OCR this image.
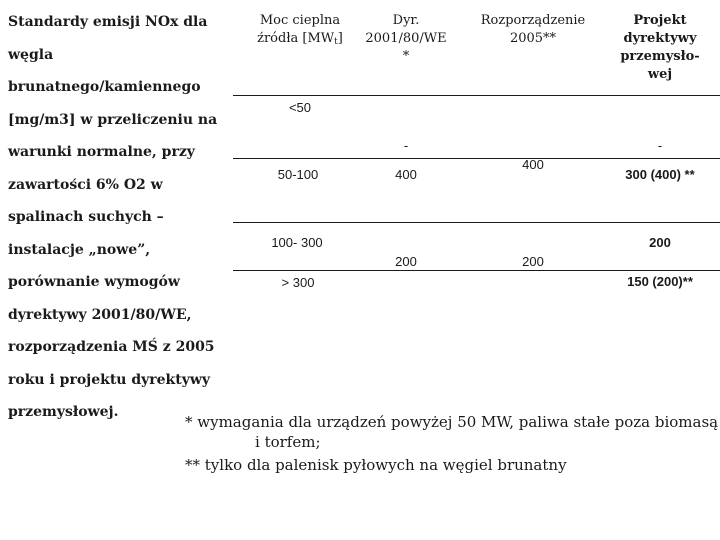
Standardy emisji NOx dla
węgla
brunatnego/kamiennego
[mg/m3] w przeliczeniu na
warunki normalne, przy
zawartości 6% O2 w
spalinach suchych –
instalacje „nowe”,
porównanie wymogów
dyrektywy 2001/80/WE,
rozporządzenia MŚ z 2005
roku i projektu dyrektywy
przemysłowej.
Moc cieplna
źródła $[MW_t]$
Dyr.
2001/80/WE
*
Rozporządzenie
2005**
Projekt
dyrektywy
przemysło-
wej
<50
50-100
100- 300
> 300
-
400
200
400
200
-
300 (400) **
200
150 (200)**
* wymagania dla urządzeń powyżej 50 MW, paliwa stałe poza biomasą
i torfem;
** tylko dla palenisk pyłowych na węgiel brunatny
